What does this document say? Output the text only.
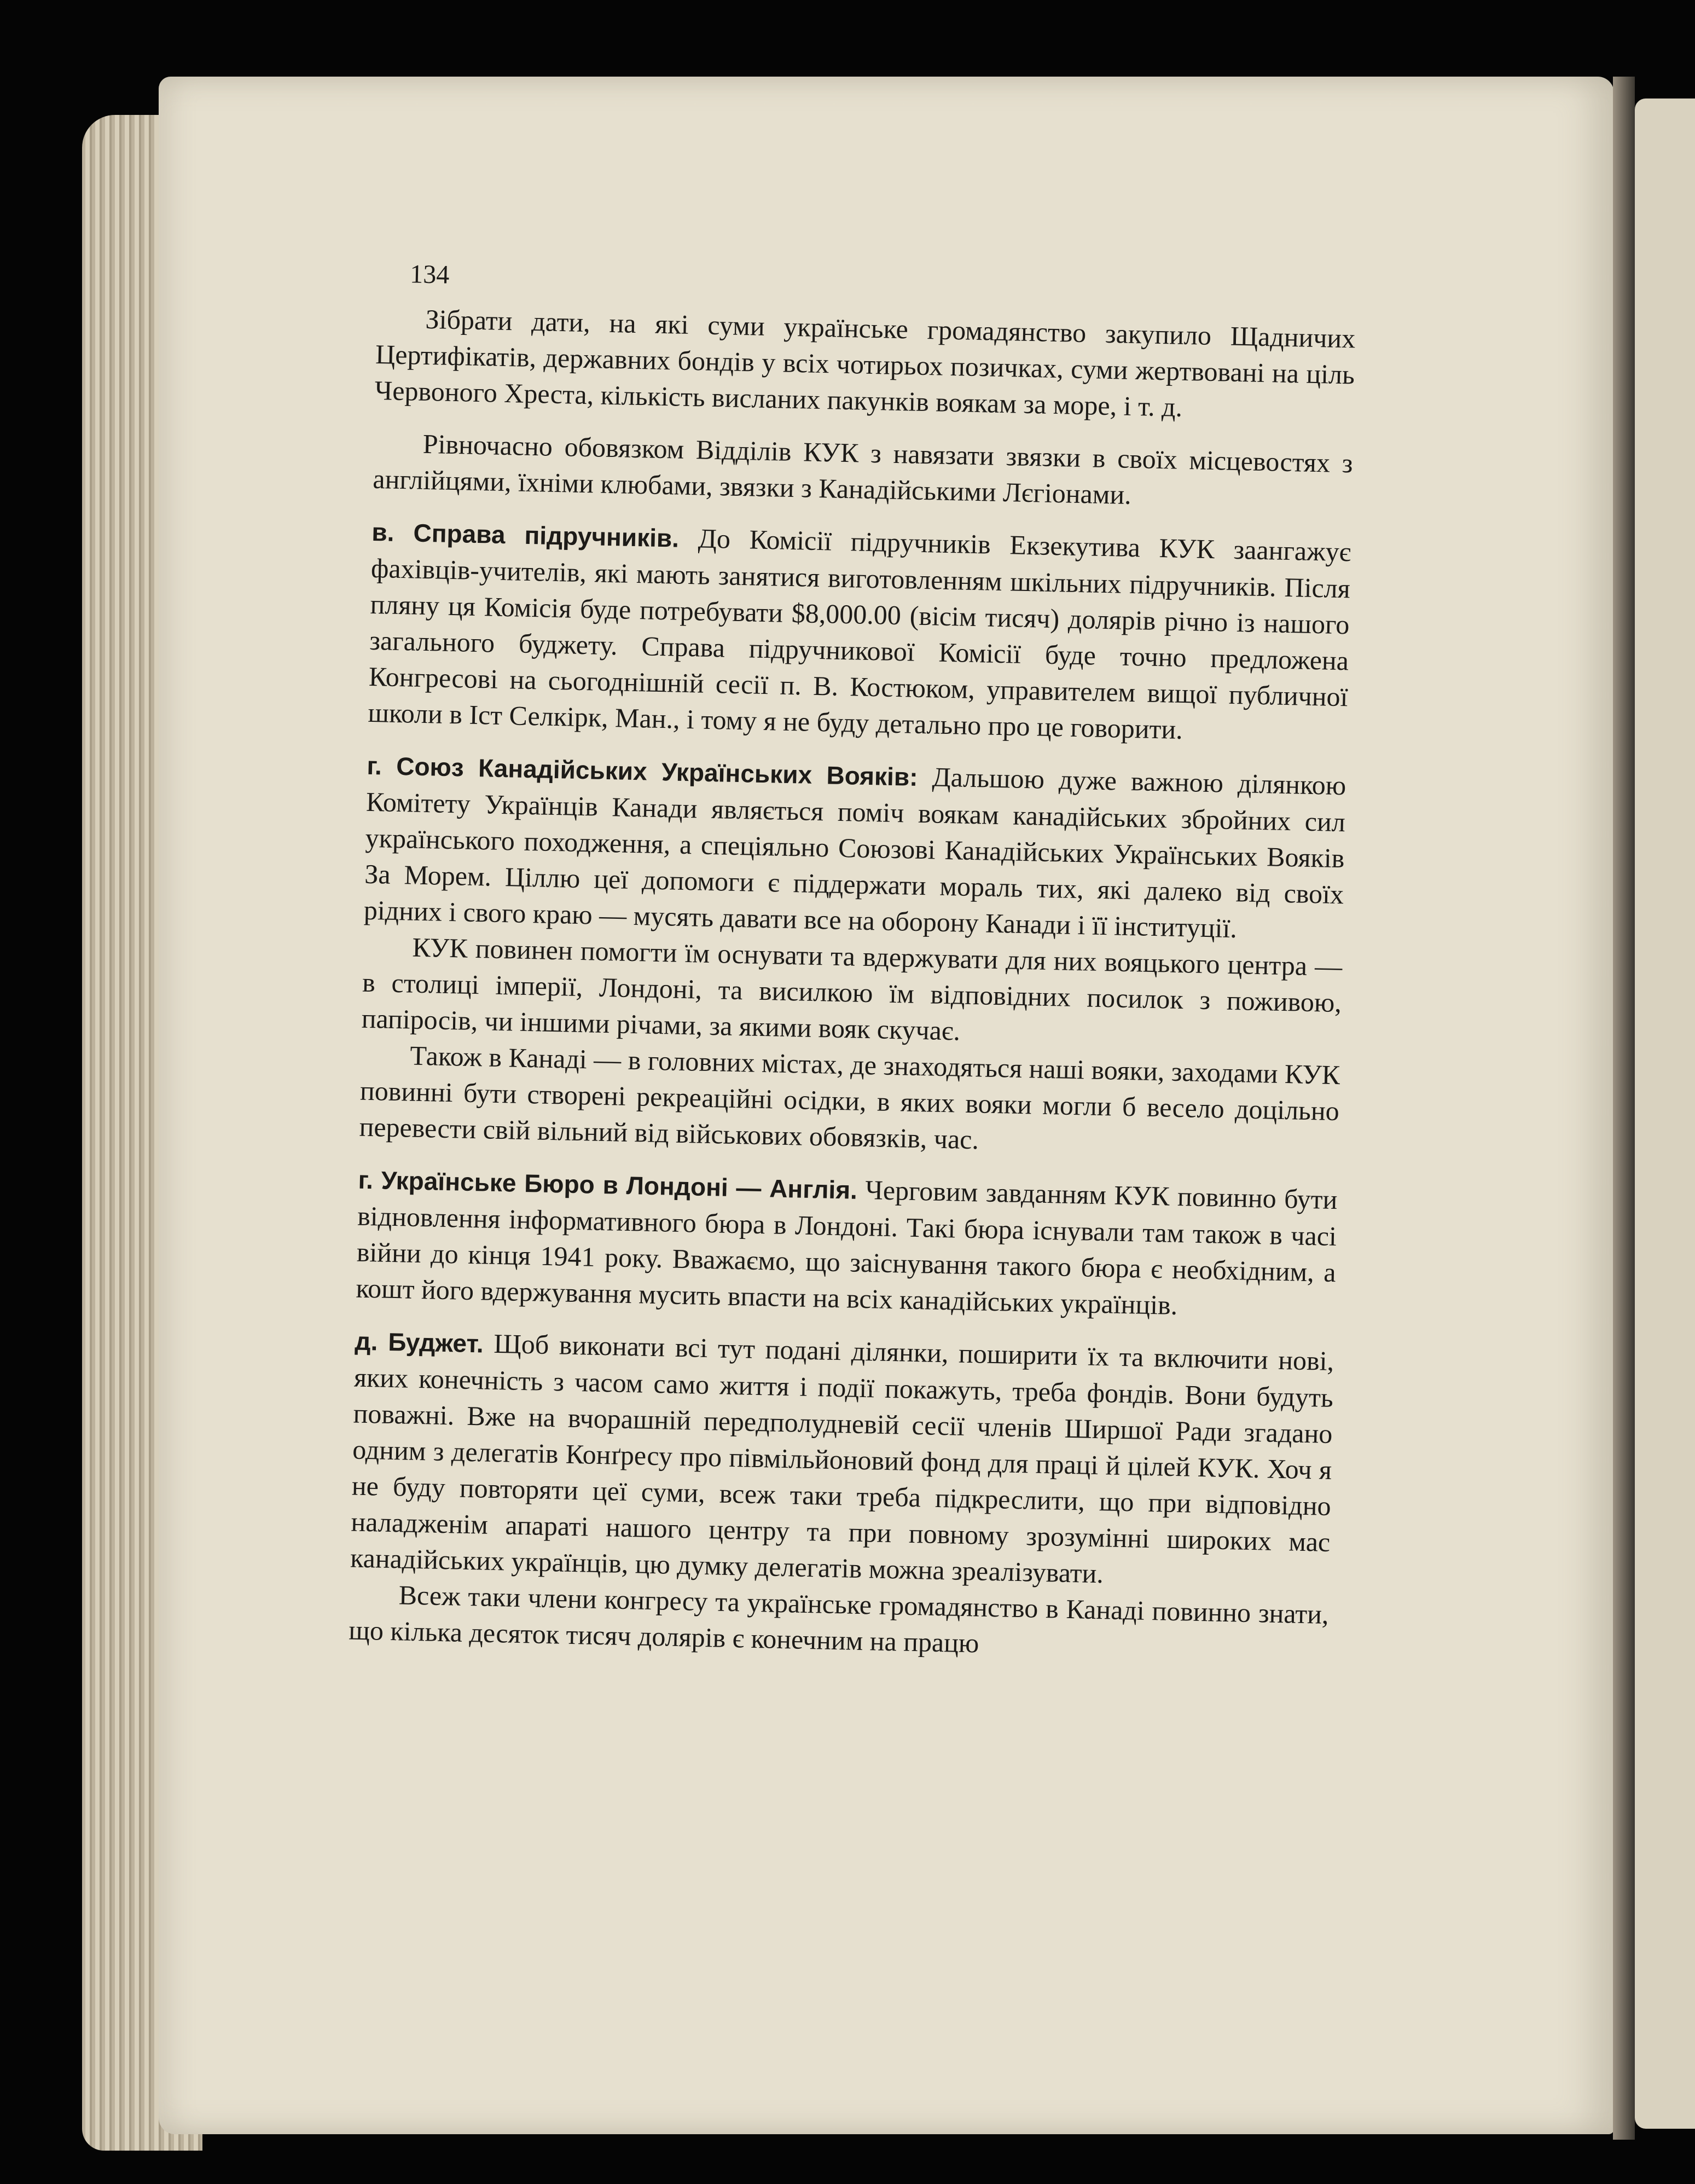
134

Зібрати дати, на які суми українське громадянство закупило Щадничих Цертифікатів, державних бондів у всіх чотирьох позичках, суми жертвовані на ціль Червоного Хреста, кількість висланих пакунків воякам за море, і т. д.

Рівночасно обовязком Відділів КУК з навязати звязки в своїх місцевостях з англійцями, їхніми клюбами, звязки з Канадійськими Лєгіонами.

в. Справа підручників. До Комісії підручників Екзекутива КУК заангажує фахівців-учителів, які мають занятися виготовленням шкільних підручників. Після пляну ця Комісія буде потребувати $8,000.00 (вісім тисяч) долярів річно із нашого загального буджету. Справа підручникової Комісії буде точно предложена Конгресові на сьогоднішній сесії п. В. Костюком, управителем вищої публичної школи в Іст Селкірк, Ман., і тому я не буду детально про це говорити.

г. Союз Канадійських Українських Вояків: Дальшою дуже важною ділянкою Комітету Українців Канади являється поміч воякам канадійських збройних сил українського походження, а спеціяльно Союзові Канадійських Українських Вояків За Морем. Ціллю цеї допомоги є піддержати мораль тих, які далеко від своїх рідних і свого краю — мусять давати все на оборону Канади і її інституції.

КУК повинен помогти їм оснувати та вдержувати для них вояцького центра — в столиці імперії, Лондоні, та висилкою їм відповідних посилок з поживою, папіросів, чи іншими річами, за якими вояк скучає.

Також в Канаді — в головних містах, де знаходяться наші вояки, заходами КУК повинні бути створені рекреаційні осідки, в яких вояки могли б весело доцільно перевести свій вільний від військових обовязків, час.

г. Українське Бюро в Лондоні — Англія. Черговим завданням КУК повинно бути відновлення інформативного бюра в Лондоні. Такі бюра існували там також в часі війни до кінця 1941 року. Вважаємо, що заіснування такого бюра є необхідним, а кошт його вдержування мусить впасти на всіх канадійських українців.

д. Буджет. Щоб виконати всі тут подані ділянки, поширити їх та включити нові, яких конечність з часом само життя і події покажуть, треба фондів. Вони будуть поважні. Вже на вчорашній передполудневій сесії членів Ширшої Ради згадано одним з делегатів Конґресу про півмільйоновий фонд для праці й цілей КУК. Хоч я не буду повторяти цеї суми, всеж таки треба підкреслити, що при відповідно наладженім апараті нашого центру та при повному зрозумінні широких мас канадійських українців, цю думку делегатів можна зреалізувати.

Всеж таки члени конгресу та українське громадянство в Канаді повинно знати, що кілька десяток тисяч долярів є конечним на працю
